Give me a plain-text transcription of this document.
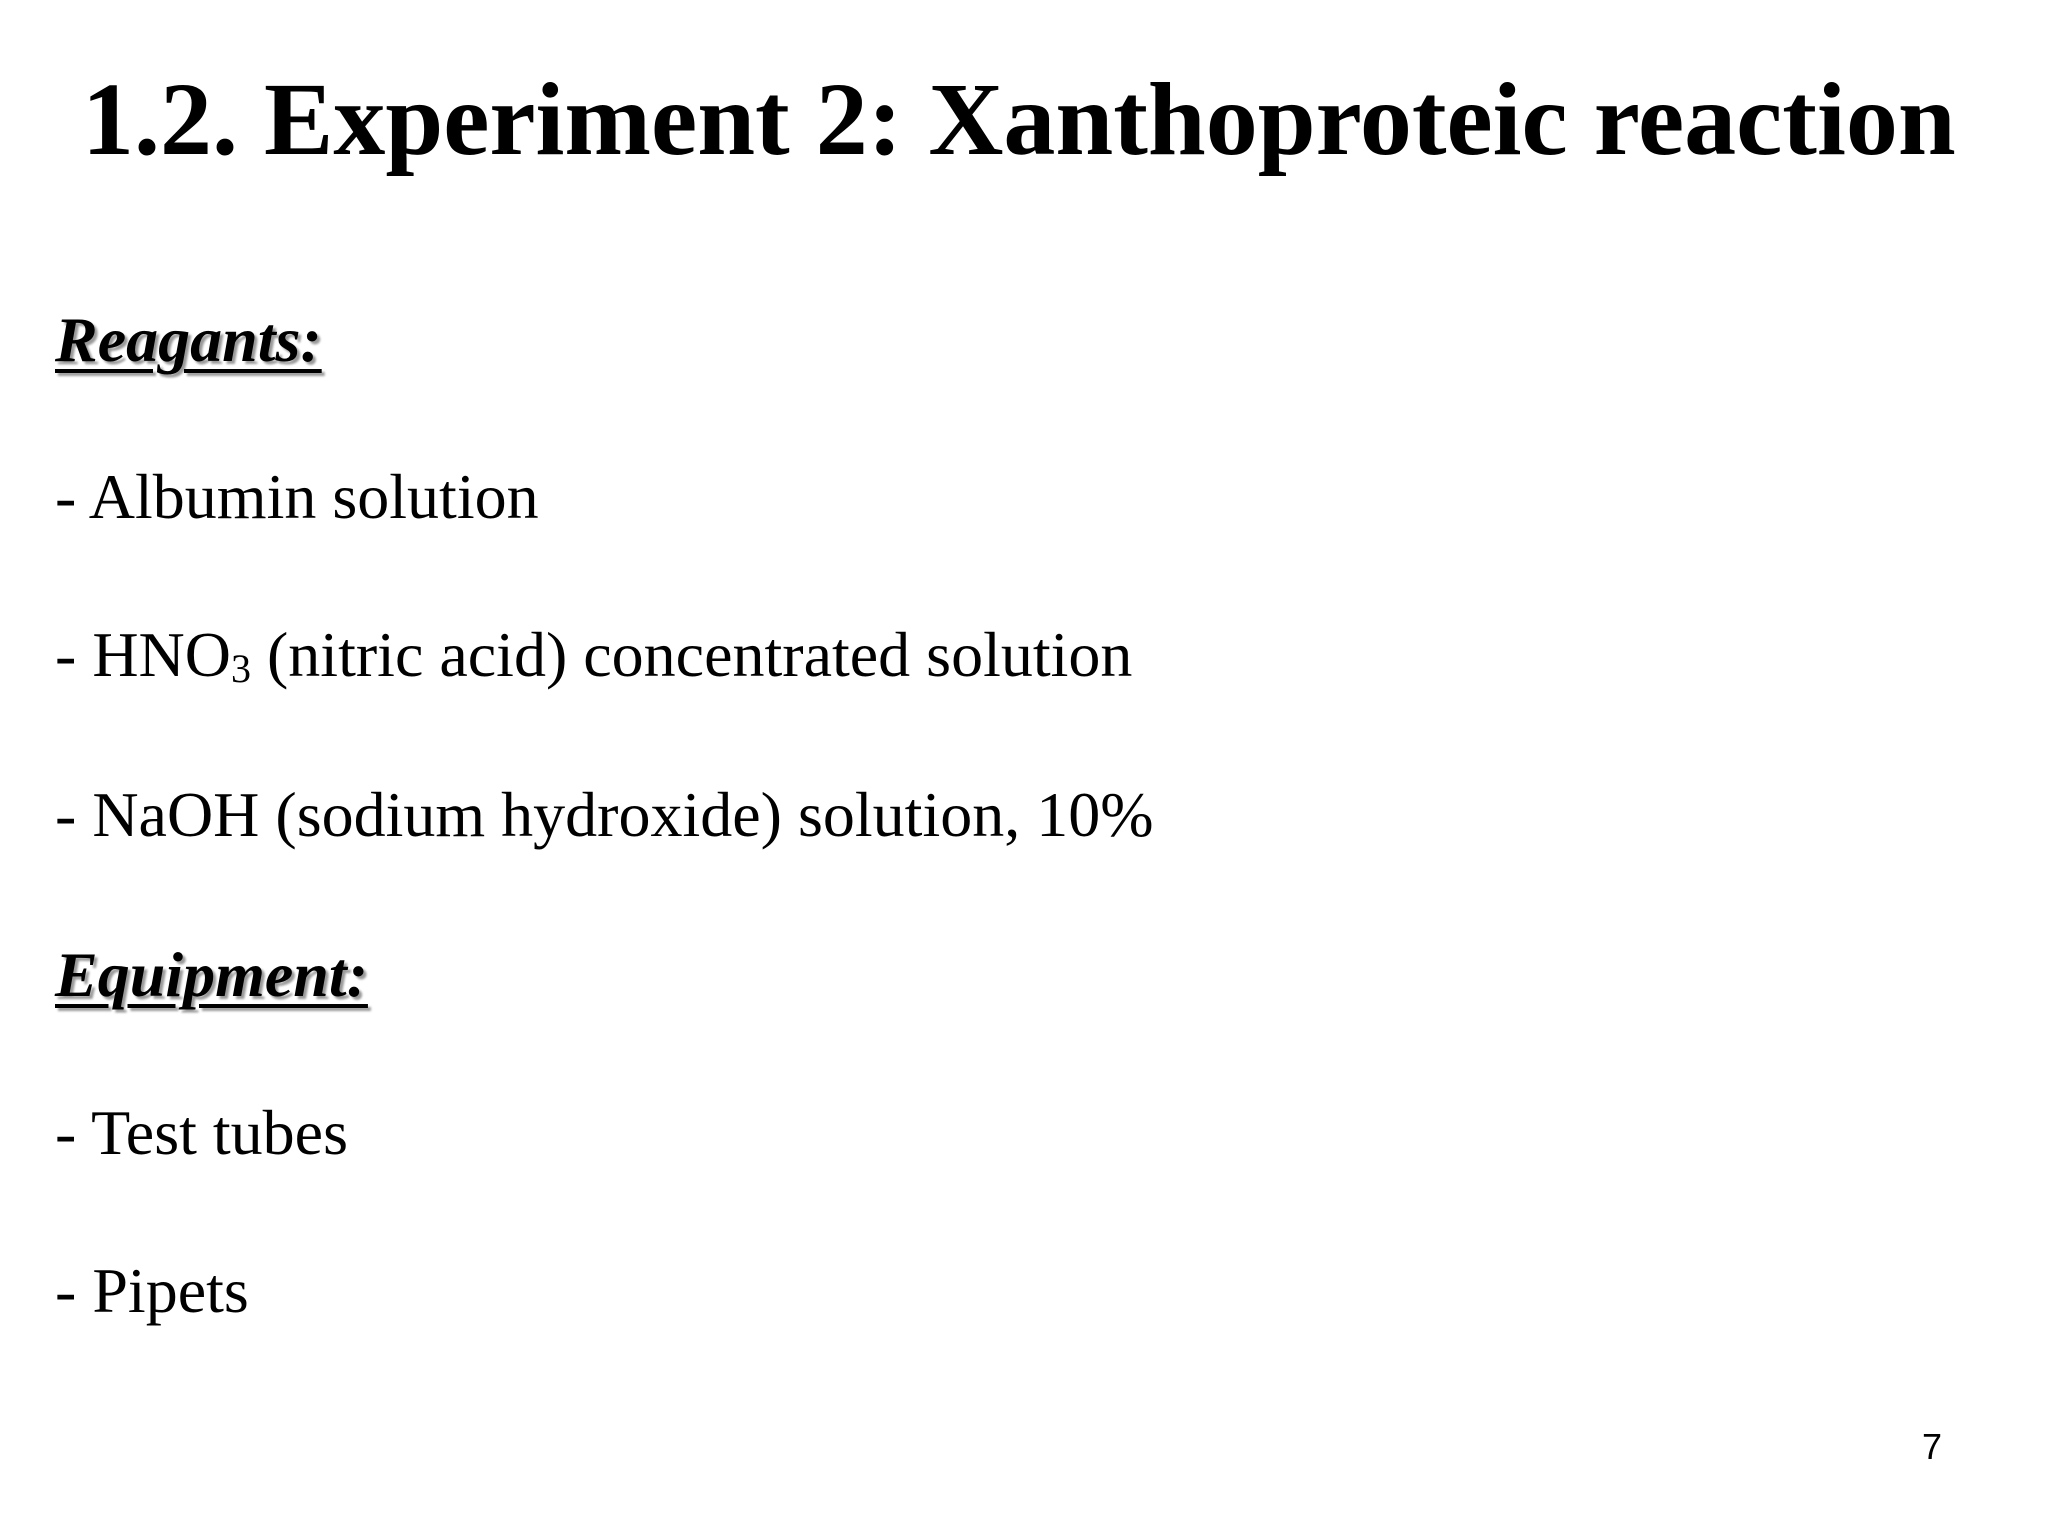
1.2. Experiment 2: Xanthoproteic reaction
Reagants:
- Albumin solution
- $HNO_3$ (nitric acid) concentrated solution
- NaOH (sodium hydroxide) solution, 10%
Equipment:
- Test tubes
- Pipets
7
